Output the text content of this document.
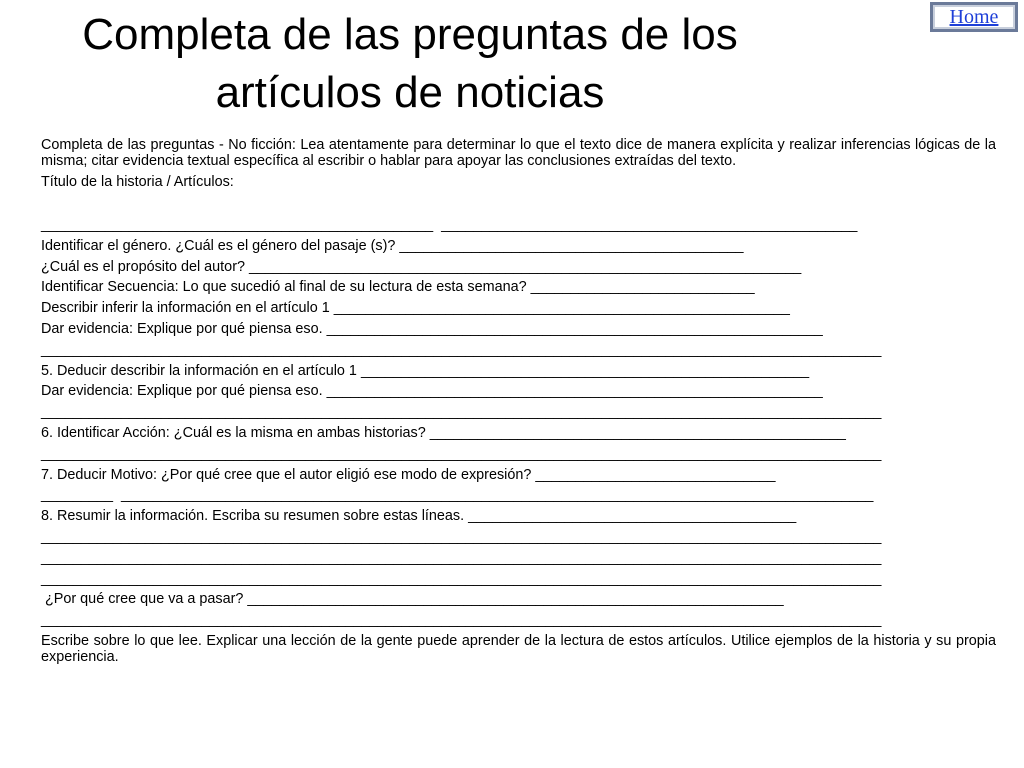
Home
Completa de las preguntas de los artículos de noticias

Completa de las preguntas - No ficción: Lea atentamente para determinar lo que el texto dice de manera explícita y realizar inferencias lógicas de la misma; citar evidencia textual específica al escribir o hablar para apoyar las conclusiones extraídas del texto.

Título de la historia / Artículos:

_________________________________________________  ____________________________________________________

Identificar el género. ¿Cuál es el género del pasaje (s)? ___________________________________________

¿Cuál es el propósito del autor? _____________________________________________________________________

Identificar Secuencia: Lo que sucedió al final de su lectura de esta semana? ____________________________

Describir inferir la información en el artículo 1 _________________________________________________________

Dar evidencia: Explique por qué piensa eso. ______________________________________________________________

_________________________________________________________________________________________________________

5. Deducir describir la información en el artículo 1 ________________________________________________________

Dar evidencia: Explique por qué piensa eso. ______________________________________________________________

_________________________________________________________________________________________________________

6. Identificar Acción: ¿Cuál es la misma en ambas historias? ____________________________________________________

_________________________________________________________________________________________________________

7. Deducir Motivo: ¿Por qué cree que el autor eligió ese modo de expresión? ______________________________

_________  ______________________________________________________________________________________________

8. Resumir la información. Escriba su resumen sobre estas líneas. _________________________________________

_________________________________________________________________________________________________________

_________________________________________________________________________________________________________

_________________________________________________________________________________________________________

¿Por qué cree que va a pasar? ___________________________________________________________________

_________________________________________________________________________________________________________

Escribe sobre lo que lee. Explicar una lección de la gente puede aprender de la lectura de estos artículos. Utilice ejemplos de la historia y su propia experiencia.
